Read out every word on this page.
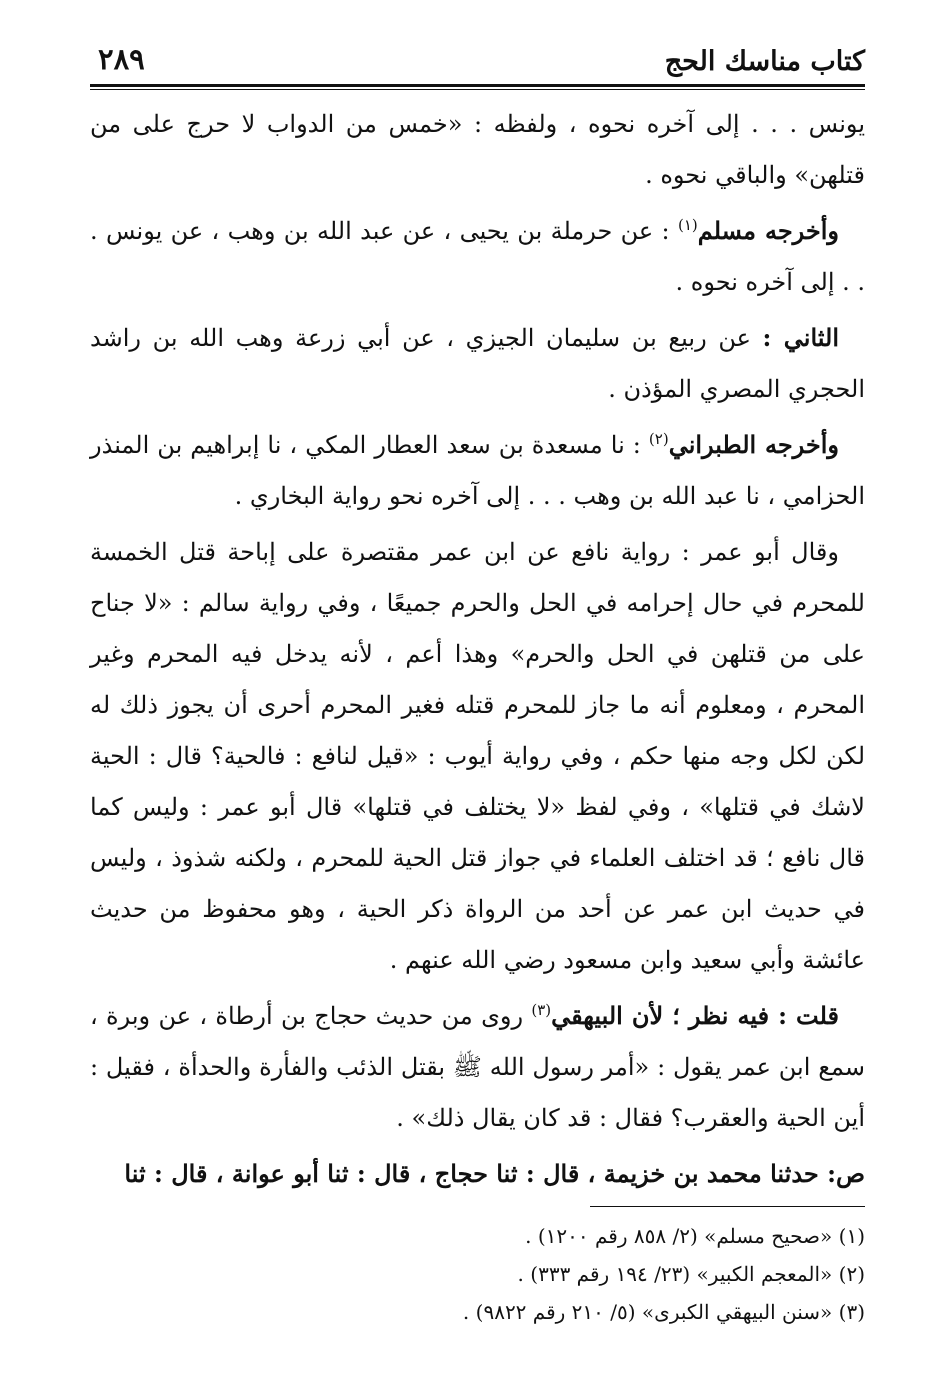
كتاب مناسك الحج
٢٨٩

يونس . . . إلى آخره نحوه ، ولفظه : «خمس من الدواب لا حرج على من قتلهن» والباقي نحوه .

وأخرجه مسلم$^{(١)}$ : عن حرملة بن يحيى ، عن عبد الله بن وهب ، عن يونس . . . إلى آخره نحوه .

الثاني : عن ربيع بن سليمان الجيزي ، عن أبي زرعة وهب الله بن راشد الحجري المصري المؤذن .

وأخرجه الطبراني$^{(٢)}$ : نا مسعدة بن سعد العطار المكي ، نا إبراهيم بن المنذر الحزامي ، نا عبد الله بن وهب . . . إلى آخره نحو رواية البخاري .

وقال أبو عمر : رواية نافع عن ابن عمر مقتصرة على إباحة قتل الخمسة للمحرم في حال إحرامه في الحل والحرم جميعًا ، وفي رواية سالم : «لا جناح على من قتلهن في الحل والحرم» وهذا أعم ، لأنه يدخل فيه المحرم وغير المحرم ، ومعلوم أنه ما جاز للمحرم قتله فغير المحرم أحرى أن يجوز ذلك له لكن لكل وجه منها حكم ، وفي رواية أيوب : «قيل لنافع : فالحية؟ قال : الحية لاشك في قتلها» ، وفي لفظ «لا يختلف في قتلها» قال أبو عمر : وليس كما قال نافع ؛ قد اختلف العلماء في جواز قتل الحية للمحرم ، ولكنه شذوذ ، وليس في حديث ابن عمر عن أحد من الرواة ذكر الحية ، وهو محفوظ من حديث عائشة وأبي سعيد وابن مسعود رضي الله عنهم .

قلت : فيه نظر ؛ لأن البيهقي$^{(٣)}$ روى من حديث حجاج بن أرطاة ، عن وبرة ، سمع ابن عمر يقول : «أمر رسول الله ﷺ بقتل الذئب والفأرة والحدأة ، فقيل : أين الحية والعقرب؟ فقال : قد كان يقال ذلك» .

ص: حدثنا محمد بن خزيمة ، قال : ثنا حجاج ، قال : ثنا أبو عوانة ، قال : ثنا

(١) «صحيح مسلم» (٢/ ٨٥٨ رقم ١٢٠٠) .
(٢) «المعجم الكبير» (٢٣/ ١٩٤ رقم ٣٣٣) .
(٣) «سنن البيهقي الكبرى» (٥/ ٢١٠ رقم ٩٨٢٢) .
